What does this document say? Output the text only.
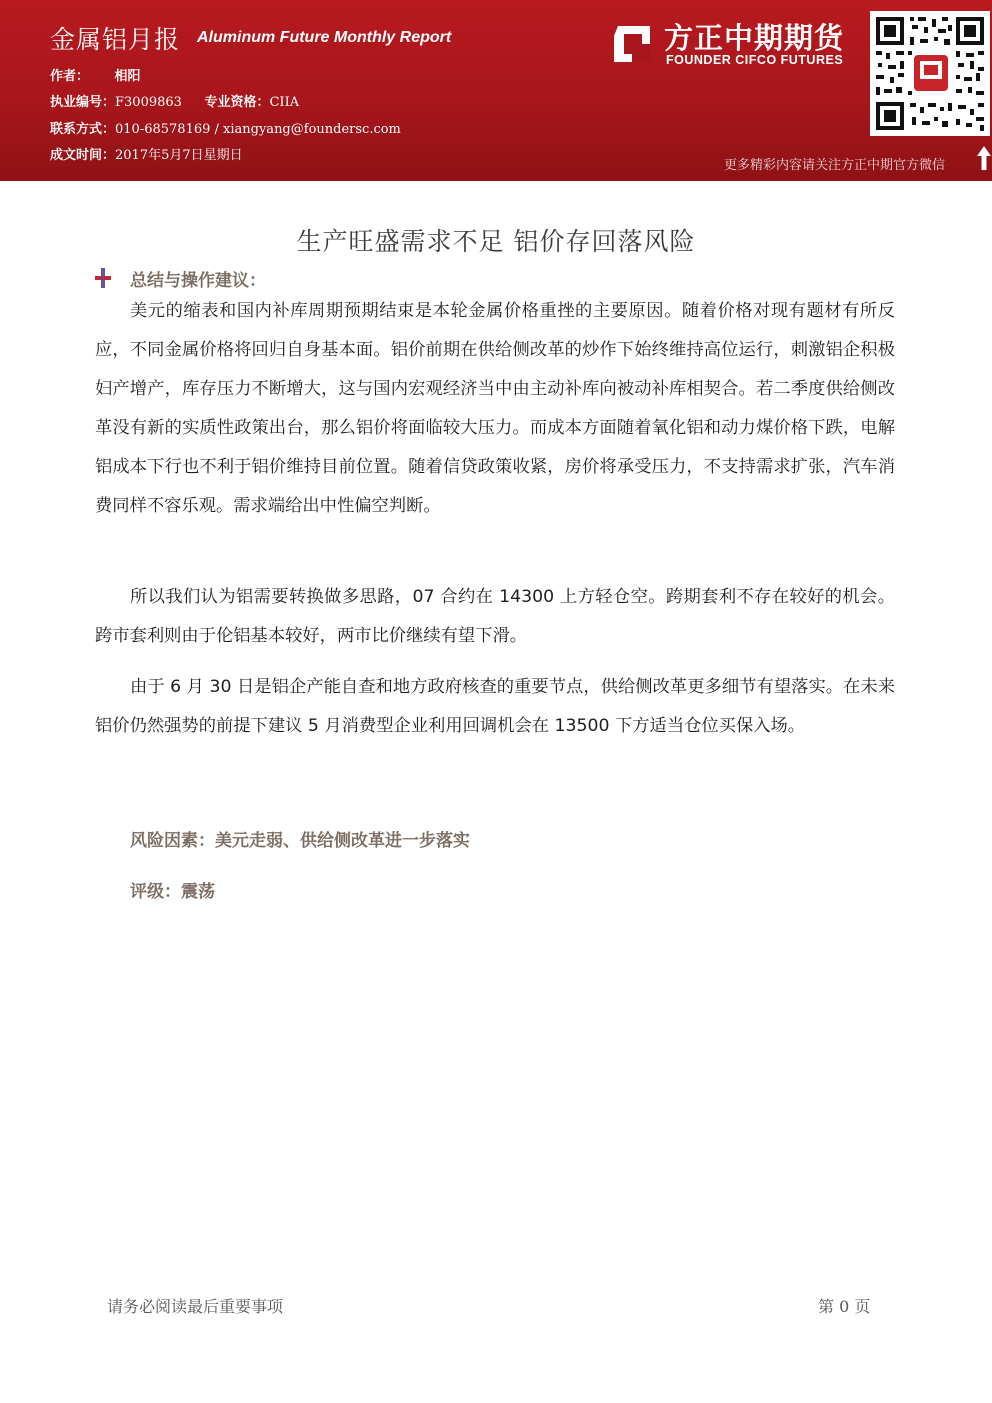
金属铝月报 Aluminum Future Monthly Report
作者： 相阳
执业编号：F3009863 专业资格：CIIA
联系方式：010-68578169 / xiangyang@foundersc.com
成文时间：2017年5月7日星期日
方正中期期货
FOUNDER CIFCO FUTURES
更多精彩内容请关注方正中期官方微信
生产旺盛需求不足 铝价存回落风险
总结与操作建议：

美元的缩表和国内补库周期预期结束是本轮金属价格重挫的主要原因。随着价格对现有题材有所反应，不同金属价格将回归自身基本面。铝价前期在供给侧改革的炒作下始终维持高位运行，刺激铝企积极妇产增产，库存压力不断增大，这与国内宏观经济当中由主动补库向被动补库相契合。若二季度供给侧改革没有新的实质性政策出台，那么铝价将面临较大压力。而成本方面随着氧化铝和动力煤价格下跌，电解铝成本下行也不利于铝价维持目前位置。随着信贷政策收紧，房价将承受压力，不支持需求扩张，汽车消费同样不容乐观。需求端给出中性偏空判断。

所以我们认为铝需要转换做多思路，07 合约在 14300 上方轻仓空。跨期套利不存在较好的机会。跨市套利则由于伦铝基本较好，两市比价继续有望下滑。

由于 6 月 30 日是铝企产能自查和地方政府核查的重要节点，供给侧改革更多细节有望落实。在未来铝价仍然强势的前提下建议 5 月消费型企业利用回调机会在 13500 下方适当仓位买保入场。

风险因素：美元走弱、供给侧改革进一步落实
评级：震荡
请务必阅读最后重要事项	第 0 页
